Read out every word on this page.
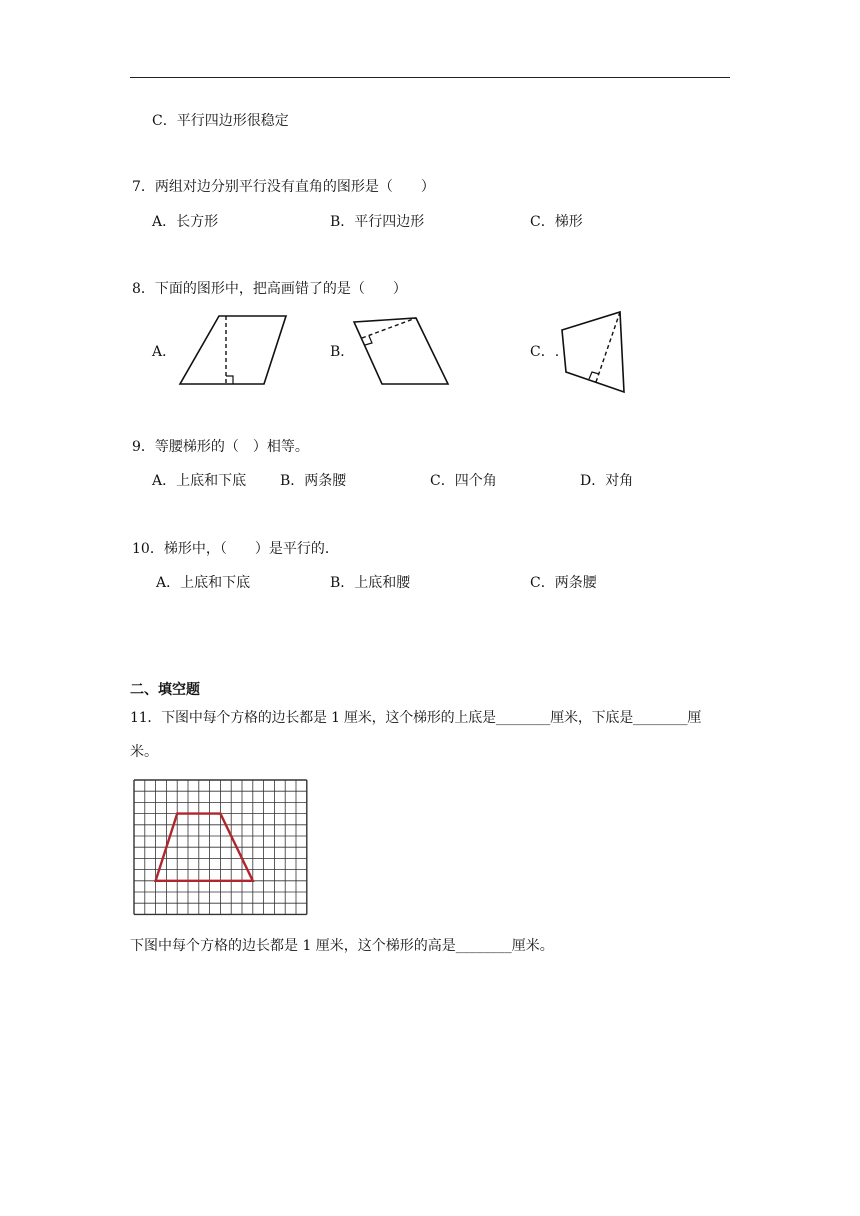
C．平行四边形很稳定
7．两组对边分别平行没有直角的图形是（　　）
A．长方形	B．平行四边形	C．梯形
8．下面的图形中，把高画错了的是（　　）
A．	B．	C．.
9．等腰梯形的（　）相等。
A．上底和下底 B．两条腰	C．四个角	D．对角
10．梯形中，（　　）是平行的．
A．上底和下底	B．上底和腰	C．两条腰
二、填空题
11．下图中每个方格的边长都是 1 厘米，这个梯形的上底是________厘米，下底是________厘
米。
下图中每个方格的边长都是 1 厘米，这个梯形的高是________厘米。
